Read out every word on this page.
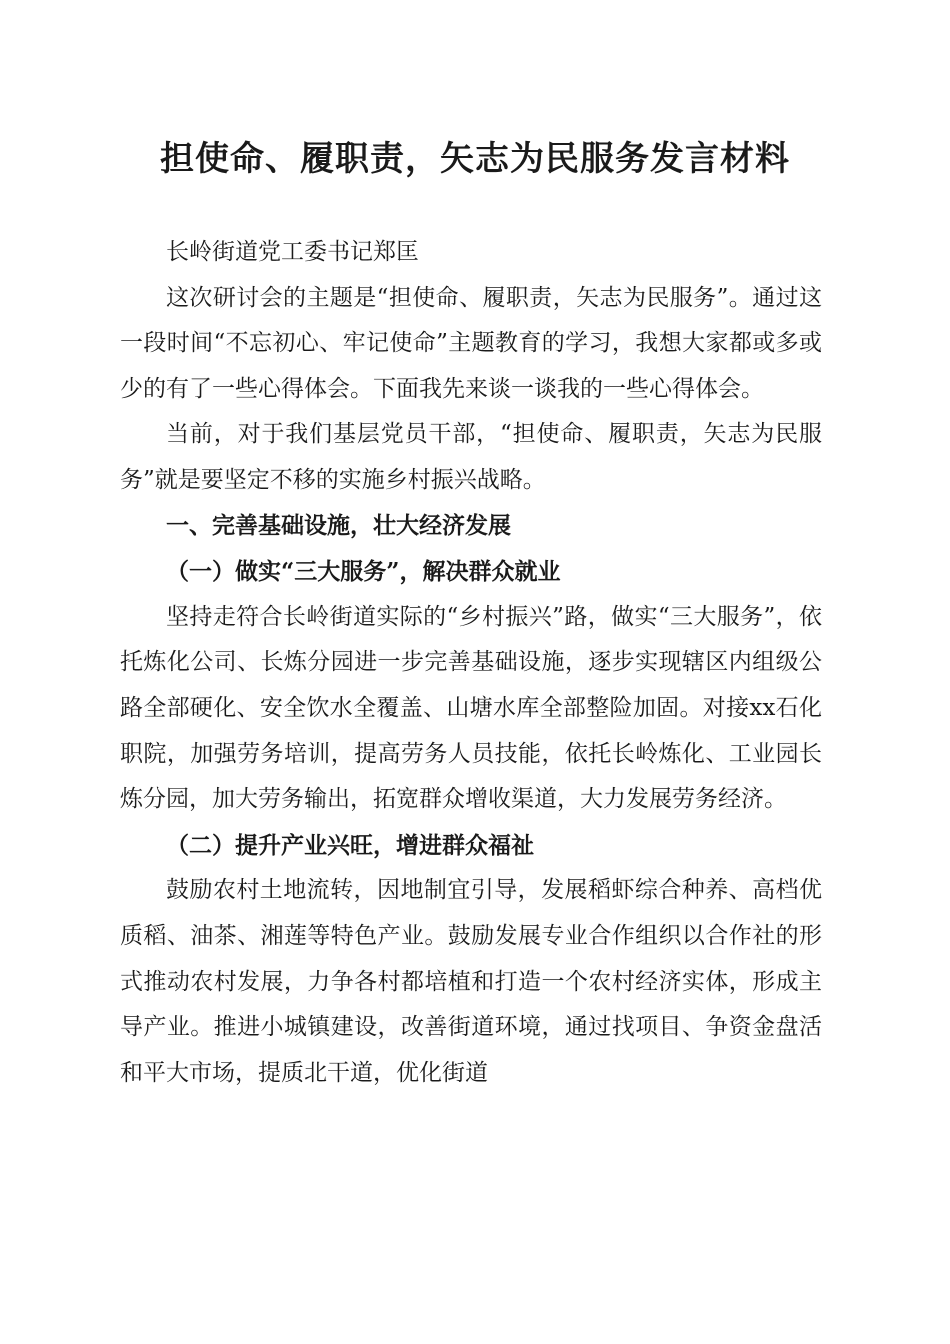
担使命、履职责，矢志为民服务发言材料

长岭街道党工委书记郑匡

这次研讨会的主题是“担使命、履职责，矢志为民服务”。通过这一段时间“不忘初心、牢记使命”主题教育的学习，我想大家都或多或少的有了一些心得体会。下面我先来谈一谈我的一些心得体会。

当前，对于我们基层党员干部，“担使命、履职责，矢志为民服务”就是要坚定不移的实施乡村振兴战略。

一、完善基础设施，壮大经济发展
（一）做实“三大服务”，解决群众就业

坚持走符合长岭街道实际的“乡村振兴”路，做实“三大服务”，依托炼化公司、长炼分园进一步完善基础设施，逐步实现辖区内组级公路全部硬化、安全饮水全覆盖、山塘水库全部整险加固。对接xx石化职院，加强劳务培训，提高劳务人员技能，依托长岭炼化、工业园长炼分园，加大劳务输出，拓宽群众增收渠道，大力发展劳务经济。

（二）提升产业兴旺，增进群众福祉

鼓励农村土地流转，因地制宜引导，发展稻虾综合种养、高档优质稻、油茶、湘莲等特色产业。鼓励发展专业合作组织以合作社的形式推动农村发展，力争各村都培植和打造一个农村经济实体，形成主导产业。推进小城镇建设，改善街道环境，通过找项目、争资金盘活和平大市场，提质北干道，优化街道
